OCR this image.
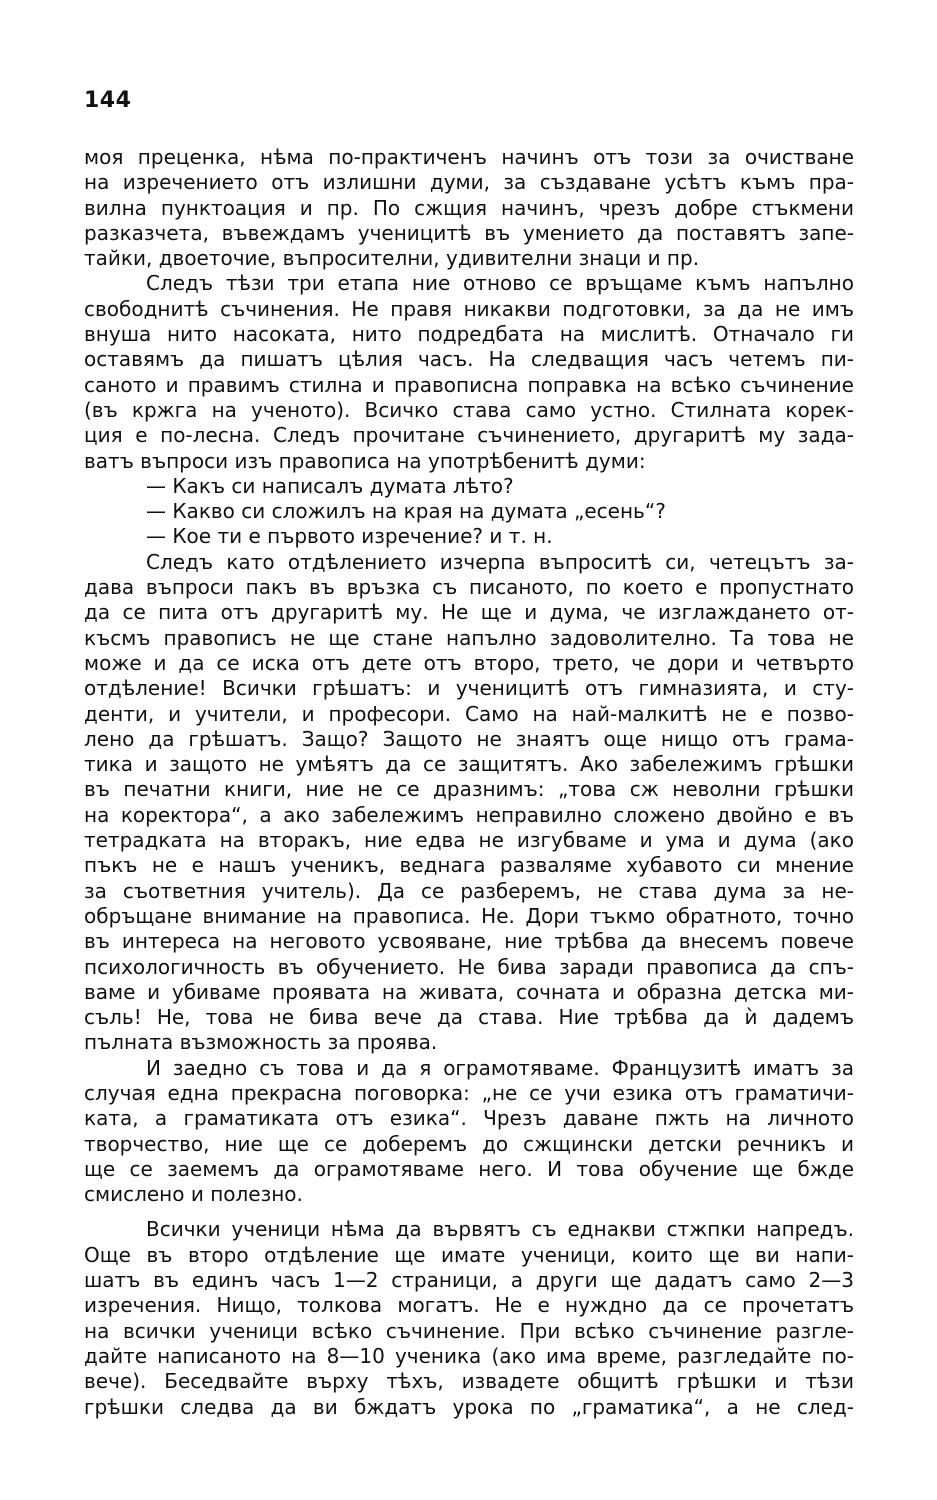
144
моя преценка, нѣма по-практиченъ начинъ отъ този за очистване
на изречението отъ излишни думи, за създаване усѣтъ къмъ пра-
вилна пунктоация и пр. По сжщия начинъ, чрезъ добре стъкмени
разказчета, въвеждамъ ученицитѣ въ умението да поставятъ запе-
тайки, двоеточие, въпросителни, удивителни знаци и пр.
Следъ тѣзи три етапа ние отново се връщаме къмъ напълно
свободнитѣ съчинения. Не правя никакви подготовки, за да не имъ
внуша нито насоката, нито подредбата на мислитѣ. Отначало ги
оставямъ да пишатъ цѣлия часъ. На следващия часъ четемъ пи-
саното и правимъ стилна и правописна поправка на всѣко съчинение
(въ кржга на ученото). Всичко става само устно. Стилната корек-
ция е по-лесна. Следъ прочитане съчинението, другаритѣ му зада-
ватъ въпроси изъ правописа на употрѣбенитѣ думи:
— Какъ си написалъ думата лѣто?
— Какво си сложилъ на края на думата „есень“?
— Кое ти е първото изречение? и т. н.
Следъ като отдѣлението изчерпа въпроситѣ си, четецътъ за-
дава въпроси пакъ въ връзка съ писаното, по което е пропустнато
да се пита отъ другаритѣ му. Не ще и дума, че изглаждането от-
късмъ правописъ не ще стане напълно задоволително. Та това не
може и да се иска отъ дете отъ второ, трето, че дори и четвърто
отдѣление! Всички грѣшатъ: и ученицитѣ отъ гимназията, и сту-
денти, и учители, и професори. Само на най-малкитѣ не е позво-
лено да грѣшатъ. Защо? Защото не знаятъ още нищо отъ грама-
тика и защото не умѣятъ да се защитятъ. Ако забележимъ грѣшки
въ печатни книги, ние не се дразнимъ: „това сж неволни грѣшки
на коректора“, а ако забележимъ неправилно сложено двойно е въ
тетрадката на вторакъ, ние едва не изгубваме и ума и дума (ако
пъкъ не е нашъ ученикъ, веднага разваляме хубавото си мнение
за съответния учитель). Да се разберемъ, не става дума за не-
обръщане внимание на правописа. Не. Дори тъкмо обратното, точно
въ интереса на неговото усвояване, ние трѣбва да внесемъ повече
психологичность въ обучението. Не бива заради правописа да спъ-
ваме и убиваме проявата на живата, сочната и образна детска ми-
съль! Не, това не бива вече да става. Ние трѣбва да ѝ дадемъ
пълната възможность за проява.
И заедно съ това и да я ограмотяваме. Французитѣ иматъ за
случая една прекрасна поговорка: „не се учи езика отъ граматичи-
ката, а граматиката отъ езика“. Чрезъ даване пжть на личното
творчество, ние ще се доберемъ до сжщински детски речникъ и
ще се заемемъ да ограмотяваме него. И това обучение ще бжде
смислено и полезно.
Всички ученици нѣма да вървятъ съ еднакви стжпки напредъ.
Още въ второ отдѣление ще имате ученици, които ще ви напи-
шатъ въ единъ часъ 1—2 страници, а други ще дадатъ само 2—3
изречения. Нищо, толкова могатъ. Не е нуждно да се прочетатъ
на всички ученици всѣко съчинение. При всѣко съчинение разгле-
дайте написаното на 8—10 ученика (ако има време, разгледайте по-
вече). Беседвайте върху тѣхъ, извадете общитѣ грѣшки и тѣзи
грѣшки следва да ви бждатъ урока по „граматика“, а не след-
